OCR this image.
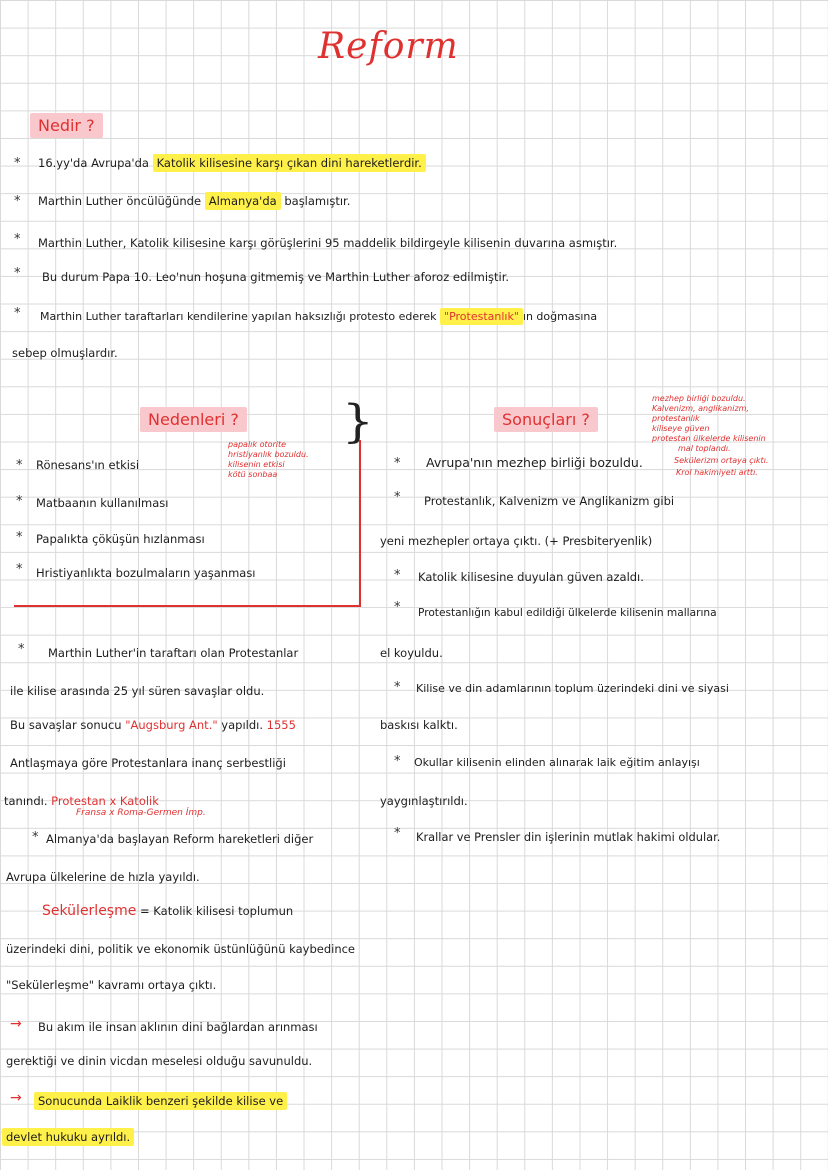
Reform
Nedir ?
* 16.yy'da Avrupa'da Katolik kilisesine karşı çıkan dini hareketlerdir.
* Marthin Luther öncülüğünde Almanya'da başlamıştır.
* Marthin Luther, Katolik kilisesine karşı görüşlerini 95 maddelik bildirgeyle kilisenin duvarına asmıştır.
* Bu durum Papa 10. Leo'nun hoşuna gitmemiş ve Marthin Luther aforoz edilmiştir.
* Marthin Luther taraftarları kendilerine yapılan haksızlığı protesto ederek "Protestanlık" ın doğmasına
sebep olmuşlardır.
Nedenleri ?
papalık otorite
hristiyanlık bozuldu.
kilisenin etkisi
kötü sonbaa
* Rönesans'ın etkisi
* Matbaanın kullanılması
* Papalıkta çöküşün hızlanması
* Hristiyanlıkta bozulmaların yaşanması
}	Sonuçları ?
mezhep birliği bozuldu.
Kalvenizm, anglikanizm,
protestanlık
kiliseye güven
protestan ülkelerde kilisenin
mal toplandı.
Sekülerizm ortaya çıktı.
Krol hakimiyeti arttı.
* Avrupa'nın mezhep birliği bozuldu.
* Protestanlık, Kalvenizm ve Anglikanizm gibi
yeni mezhepler ortaya çıktı. (+ Presbiteryenlik)
* Katolik kilisesine duyulan güven azaldı.
* Protestanlığın kabul edildiği ülkelerde kilisenin mallarına
el koyuldu.
* Kilise ve din adamlarının toplum üzerindeki dini ve siyasi
baskısı kalktı.
* Okullar kilisenin elinden alınarak laik eğitim anlayışı
yaygınlaştırıldı.
* Krallar ve Prensler din işlerinin mutlak hakimi oldular.
* Marthin Luther'in taraftarı olan Protestanlar
ile kilise arasında 25 yıl süren savaşlar oldu.
Bu savaşlar sonucu "Augsburg Ant." yapıldı. 1555
Antlaşmaya göre Protestanlara inanç serbestliği
tanındı. Protestan x Katolik
Fransa x Roma-Germen İmp.
* Almanya'da başlayan Reform hareketleri diğer
Avrupa ülkelerine de hızla yayıldı.
Sekülerleşme = Katolik kilisesi toplumun
üzerindeki dini, politik ve ekonomik üstünlüğünü kaybedince
"Sekülerleşme" kavramı ortaya çıktı.
→ Bu akım ile insan aklının dini bağlardan arınması
gerektiği ve dinin vicdan meselesi olduğu savunuldu.
→	Sonucunda Laiklik benzeri şekilde kilise ve
devlet hukuku ayrıldı.
